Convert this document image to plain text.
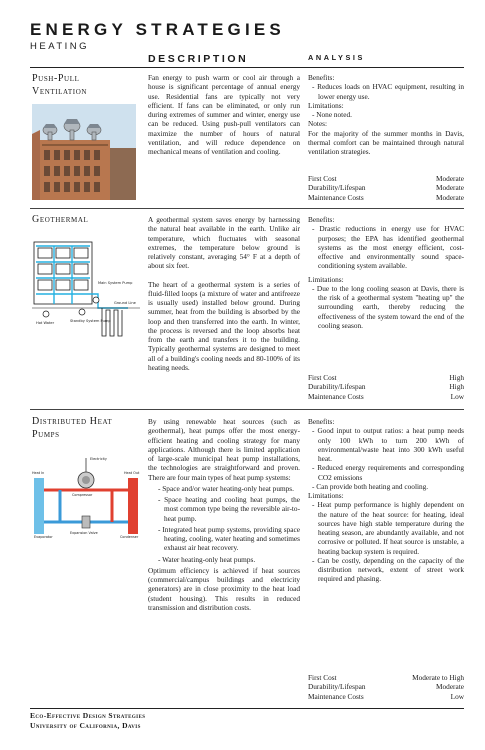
ENERGY STRATEGIES
HEATING
DESCRIPTION	ANALYSIS
Push-Pull
Ventilation

Fan energy to push warm or cool air through a house is significant percentage of annual energy use. Residential fans are typically not very efficient. If fans can be eliminated, or only run during extremes of summer and winter, energy use can be reduced. Using push-pull ventilators can maximize the number of hours of natural ventilation, and will reduce dependence on mechanical means of ventilation and cooling.

Benefits:
- Reduces loads on HVAC equipment, resulting in lower energy use.
Limitations:
- None noted.
Notes:
For the majority of the summer months in Davis, thermal comfort can be maintained through natural ventilation strategies.
First Cost	Moderate
Durability/Lifespan	Moderate
Maintenance Costs	Moderate
Geothermal
Main System Pump
Ground Line
Hot Water	Standby System Pump

A geothermal system saves energy by harnessing the natural heat available in the earth. Unlike air temperature, which fluctuates with seasonal extremes, the temperature below ground is relatively constant, averaging 54° F at a depth of about six feet.

The heart of a geothermal system is a series of fluid-filled loops (a mixture of water and antifreeze is usually used) installed below ground. During summer, heat from the building is absorbed by the loop and then transferred into the earth. In winter, the process is reversed and the loop absorbs heat from the earth and transfers it to the building. Typically geothermal systems are designed to meet all of a building's cooling needs and 80-100% of its heating needs.

Benefits:
- Drastic reductions in energy use for HVAC purposes; the EPA has identified geothermal systems as the most energy efficient, cost-effective and environmentally sound space-conditioning system available.
Limitations:
- Due to the long cooling season at Davis, there is the risk of a geothermal system "heating up" the surrounding earth, thereby reducing the effectiveness of the system toward the end of the cooling season.
First Cost	High
Durability/Lifespan	High
Maintenance Costs	Low
Distributed Heat
Pumps
Electricity
Heat In	Heat Out
Compressor
Evaporator	Condenser
Expansion Valve
By using renewable heat sources (such as geothermal), heat pumps offer the most energy-efficient heating and cooling strategy for many applications. Although there is limited application of large-scale municipal heat pump installations, the technologies are straightforward and proven. There are four main types of heat pump systems:
- Space and/or water heating-only heat pumps.
- Space heating and cooling heat pumps, the most common type being the reversible air-to-heat pump.
- Integrated heat pump systems, providing space heating, cooling, water heating and sometimes exhaust air heat recovery.
- Water heating-only heat pumps.
Optimum efficiency is achieved if heat sources (commercial/campus buildings and electricity generators) are in close proximity to the heat load (student housing). This results in reduced transmission and distribution costs.
Benefits:
- Good input to output ratios: a heat pump needs only 100 kWh to turn 200 kWh of environmental/waste heat into 300 kWh useful heat.
- Reduced energy requirements and corresponding CO2 emissions
- Can provide both heating and cooling.
Limitations:
- Heat pump performance is highly dependent on the nature of the heat source: for heating, ideal sources have high stable temperature during the heating season, are abundantly available, and not corrosive or polluted. If heat source is unstable, a heating backup system is required.
- Can be costly, depending on the capacity of the distribution network, extent of street work required and phasing.
First Cost	Moderate to High
Durability/Lifespan	Moderate
Maintenance Costs	Low
Eco-Effective Design Strategies
University of California, Davis
